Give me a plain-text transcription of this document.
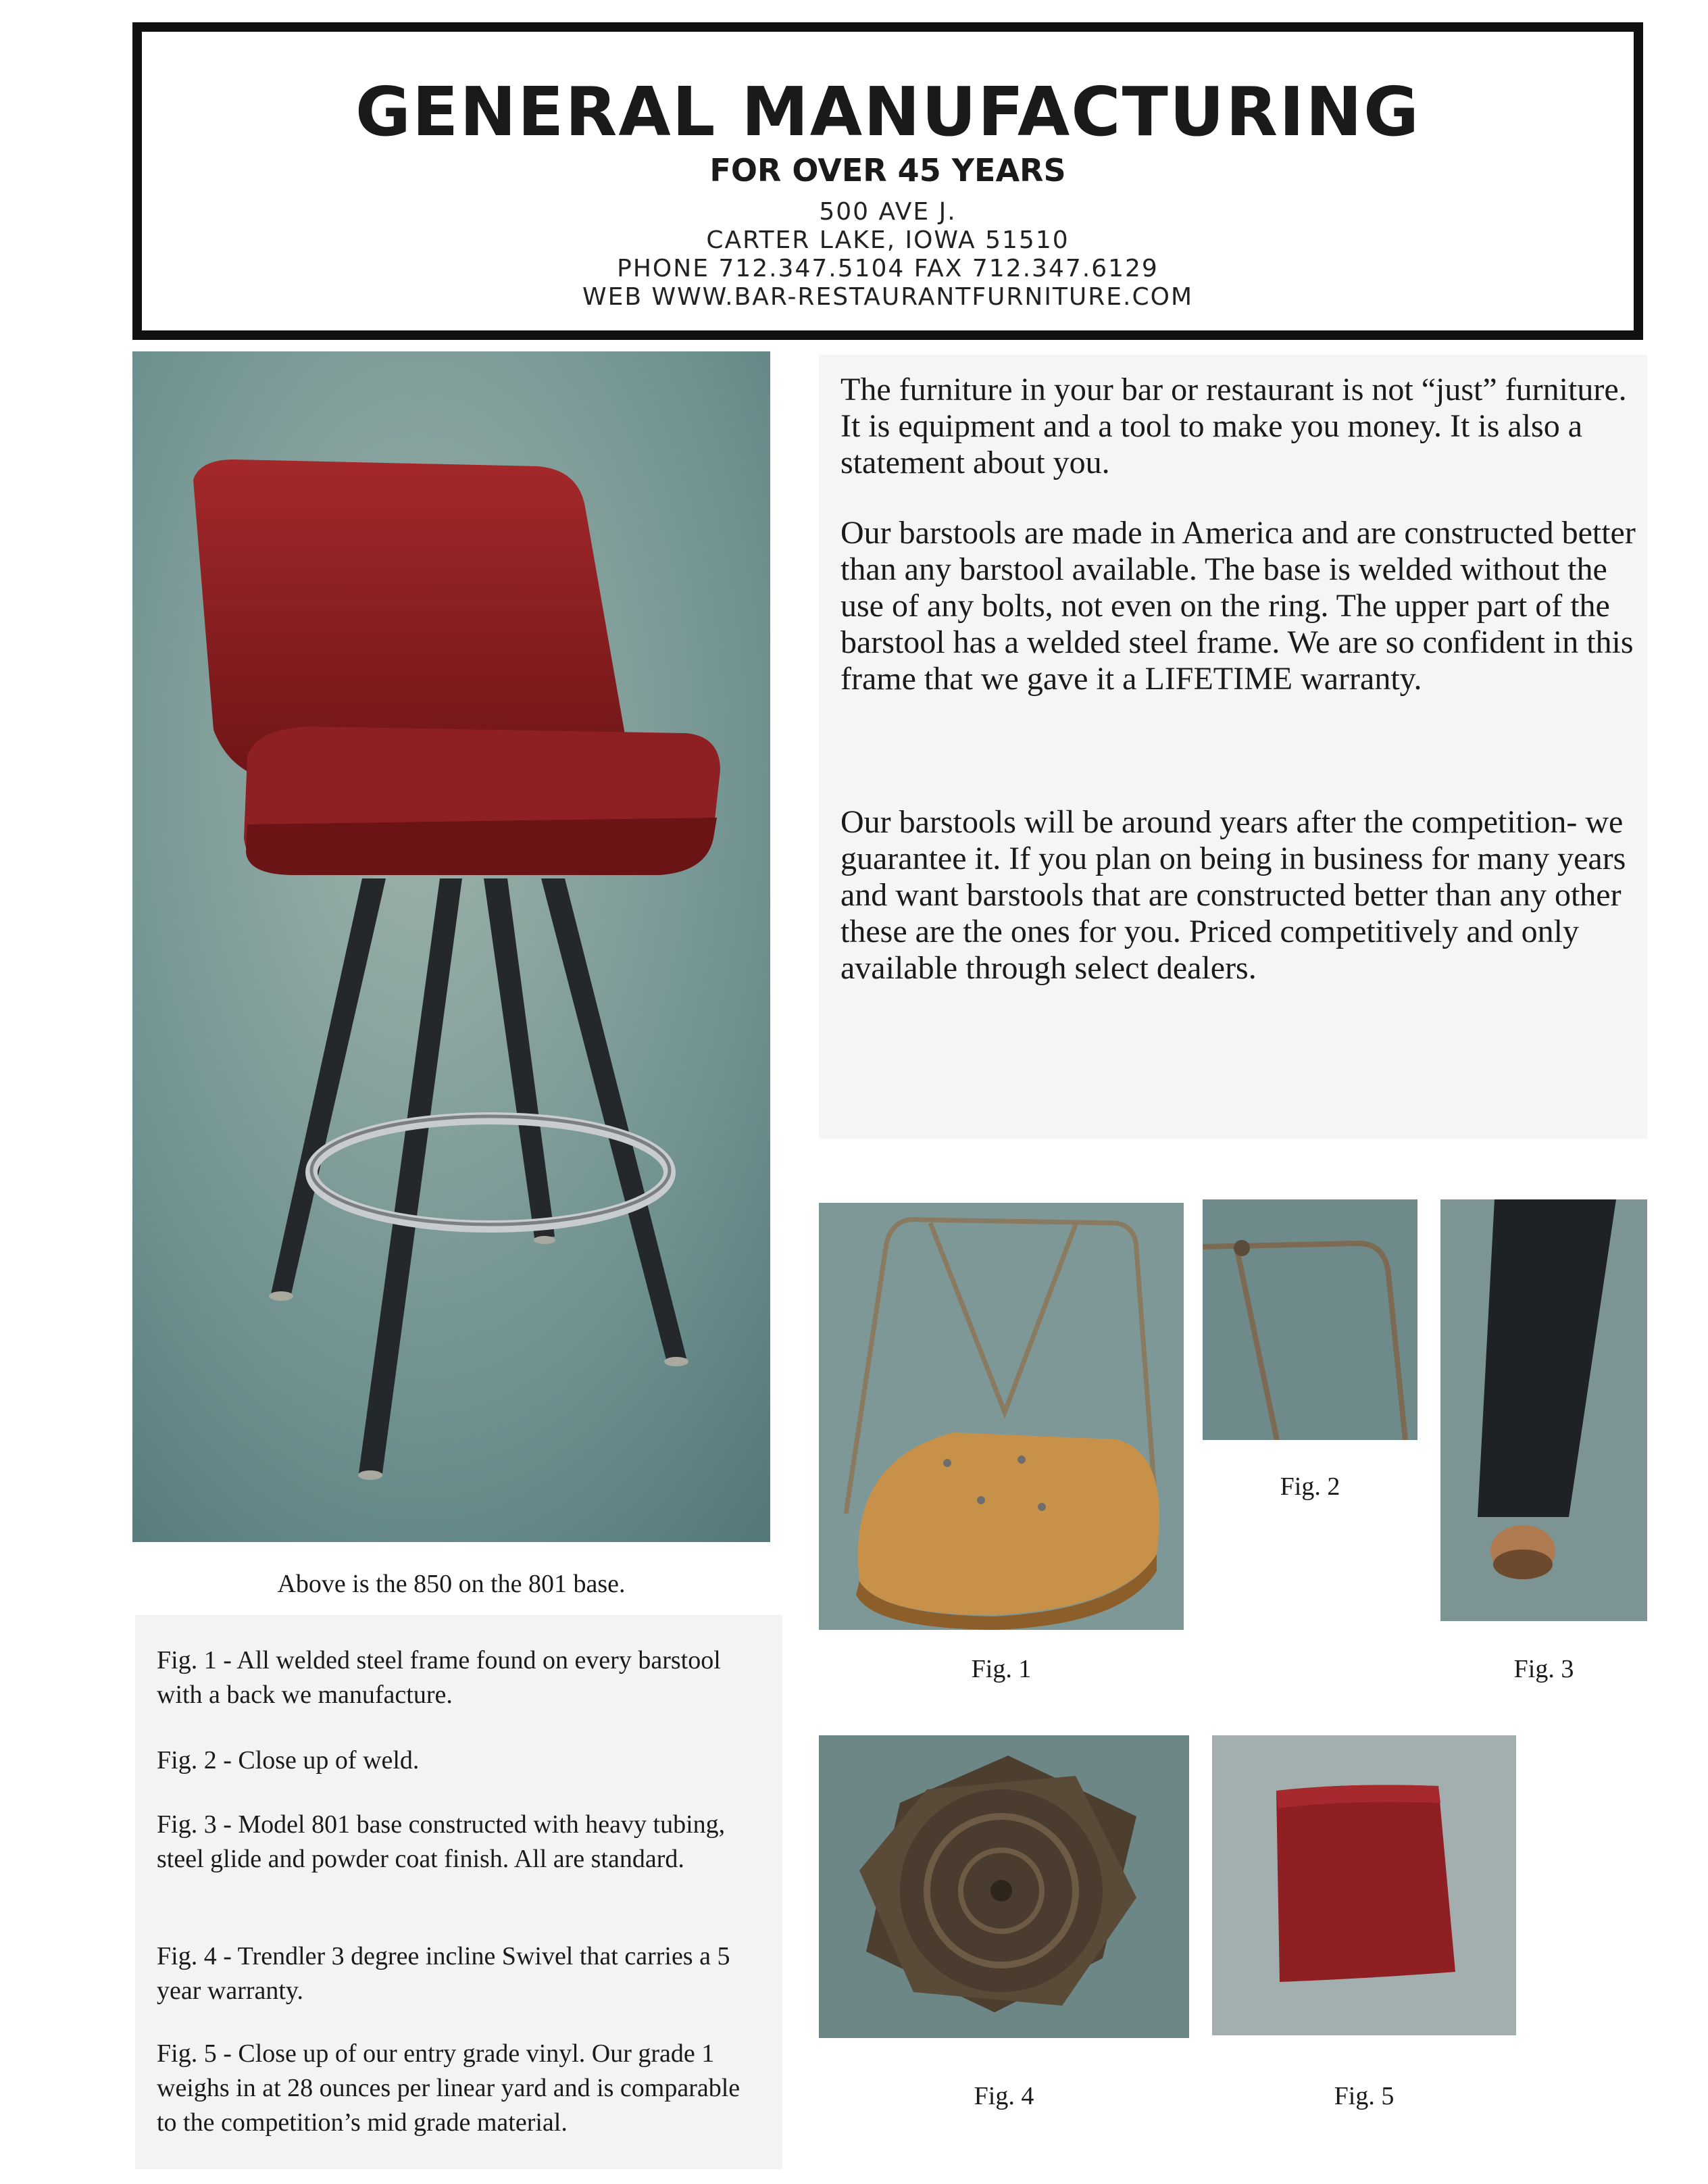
GENERAL MANUFACTURING
FOR OVER 45 YEARS
500 AVE J.
CARTER LAKE, IOWA 51510
PHONE 712.347.5104 FAX 712.347.6129
WEB WWW.BAR-RESTAURANTFURNITURE.COM
Above is the 850 on the 801 base.
The furniture in your bar or restaurant is not “just” furniture. It is equipment and a tool to make you money. It is also a statement about you.
Our barstools are made in America and are constructed better than any barstool available. The base is welded without the use of any bolts, not even on the ring. The upper part of the barstool has a welded steel frame. We are so confident in this frame that we gave it a LIFETIME warranty.
Our barstools will be around years after the competition- we guarantee it. If you plan on being in business for many years and want barstools that are constructed better than any other these are the ones for you. Priced competitively and only available through select dealers.
Fig. 1
Fig. 2
Fig. 3
Fig. 4	Fig. 5
Fig. 1 - All welded steel frame found on every barstool with a back we manufacture.
Fig. 2 - Close up of weld.
Fig. 3 - Model 801 base constructed with heavy tubing, steel glide and powder coat finish. All are standard.
Fig. 4 - Trendler 3 degree incline Swivel that carries a 5 year warranty.
Fig. 5 - Close up of our entry grade vinyl. Our grade 1 weighs in at 28 ounces per linear yard and is comparable to the competition’s mid grade material.
